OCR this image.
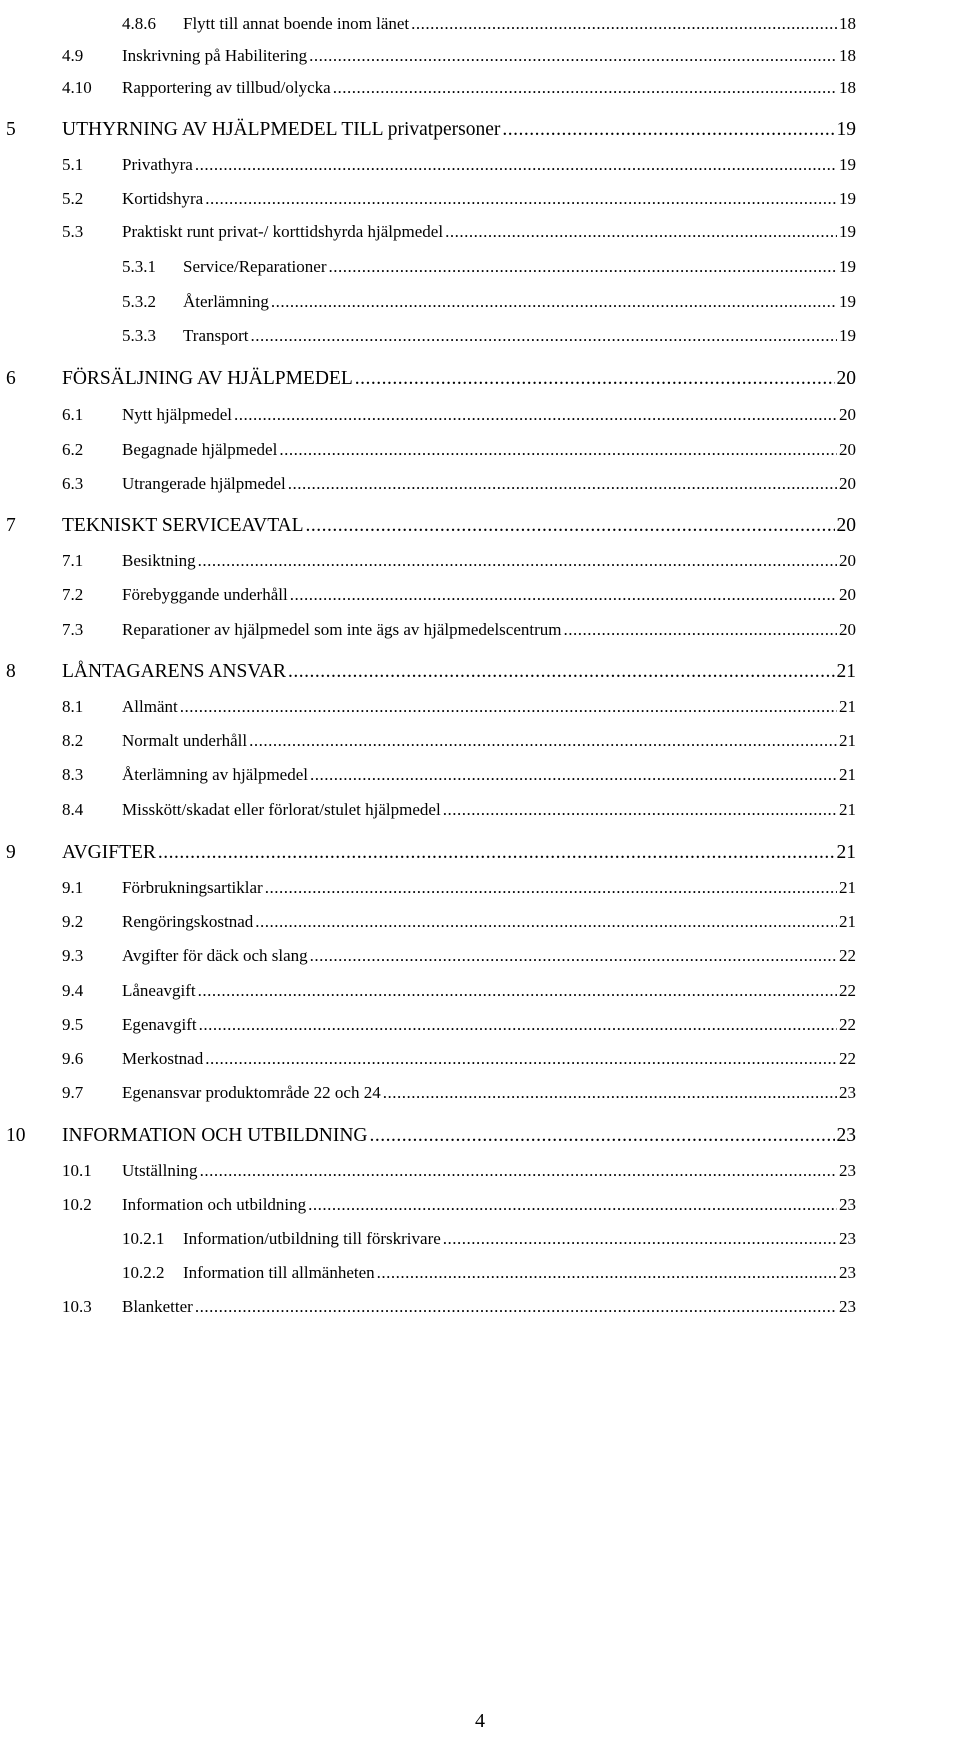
4.8.6	Flytt till annat boende inom länet .....	18
4.9	Inskrivning på Habilitering .....	18
4.10	Rapportering av tillbud/olycka .....	18
5	UTHYRNING AV HJÄLPMEDEL TILL privatpersoner .....	19
5.1	Privathyra .....	19
5.2	Kortidshyra .....	19
5.3	Praktiskt runt privat-/ korttidshyrda hjälpmedel .....	19
5.3.1	Service/Reparationer .....	19
5.3.2	Återlämning .....	19
5.3.3	Transport .....	19
6	FÖRSÄLJNING AV HJÄLPMEDEL .....	20
6.1	Nytt hjälpmedel .....	20
6.2	Begagnade hjälpmedel .....	20
6.3	Utrangerade hjälpmedel .....	20
7	TEKNISKT SERVICEAVTAL .....	20
7.1	Besiktning .....	20
7.2	Förebyggande underhåll .....	20
7.3	Reparationer av hjälpmedel som inte ägs av hjälpmedelscentrum .....	20
8	LÅNTAGARENS ANSVAR .....	21
8.1	Allmänt .....	21
8.2	Normalt underhåll .....	21
8.3	Återlämning av hjälpmedel .....	21
8.4	Misskött/skadat eller förlorat/stulet hjälpmedel .....	21
9	AVGIFTER .....	21
9.1	Förbrukningsartiklar .....	21
9.2	Rengöringskostnad .....	21
9.3	Avgifter för däck och slang .....	22
9.4	Låneavgift .....	22
9.5	Egenavgift .....	22
9.6	Merkostnad .....	22
9.7	Egenansvar produktområde 22 och 24 .....	23
10	INFORMATION OCH UTBILDNING .....	23
10.1	Utställning .....	23
10.2	Information och utbildning .....	23
10.2.1	Information/utbildning till förskrivare .....	23
10.2.2	Information till allmänheten .....	23
10.3	Blanketter .....	23
4
